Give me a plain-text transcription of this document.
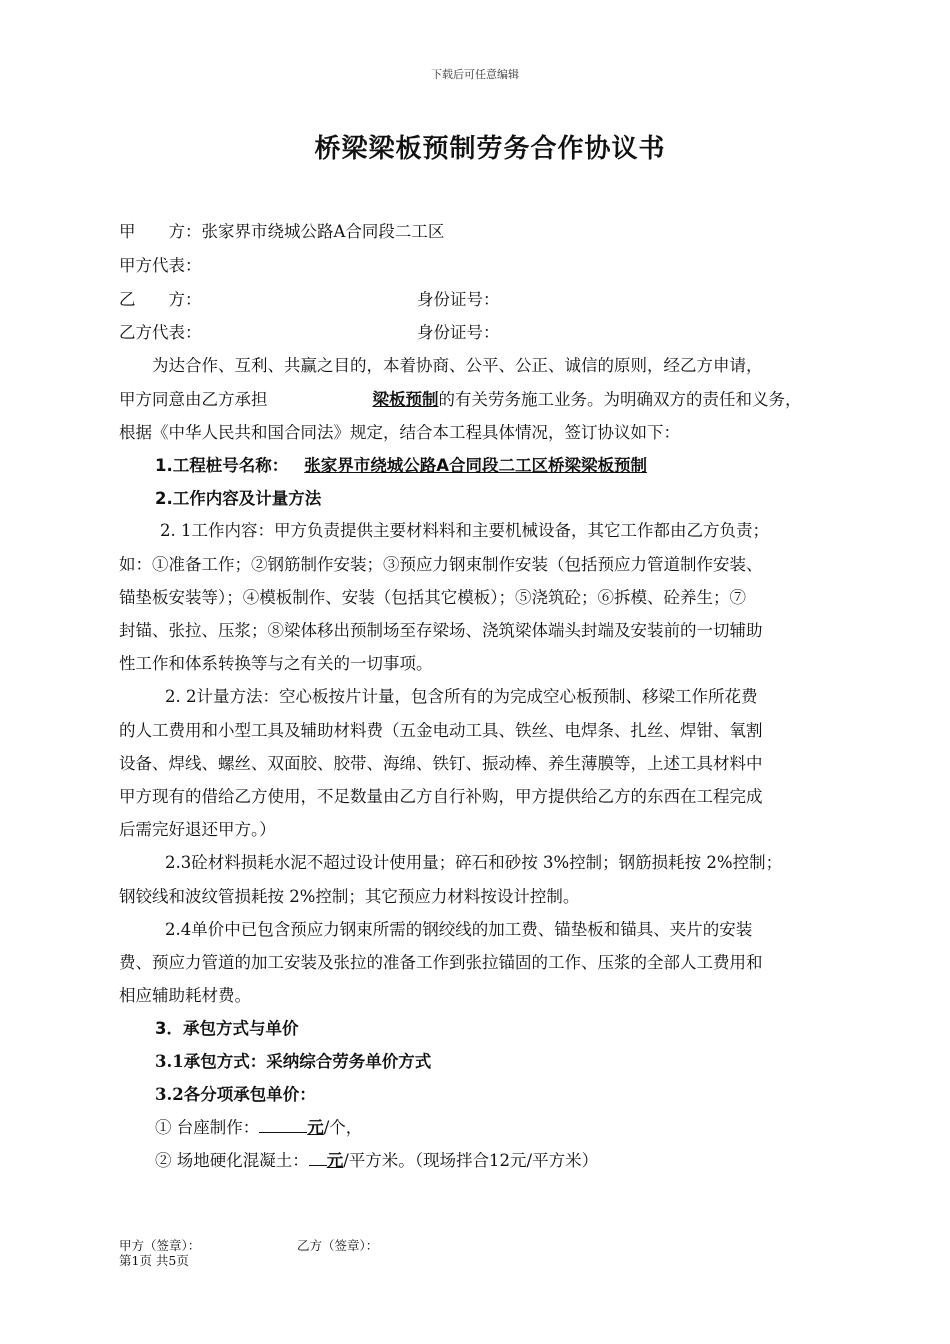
下载后可任意编辑
桥梁梁板预制劳务合作协议书
甲　　方：张家界市绕城公路A合同段二工区
甲方代表：
乙　　方：	身份证号：
乙方代表：	身份证号：
为达合作、互利、共赢之目的，本着协商、公平、公正、诚信的原则，经乙方申请，
甲方同意由乙方承担	梁板预制的有关劳务施工业务。为明确双方的责任和义务，
根据《中华人民共和国合同法》规定，结合本工程具体情况，签订协议如下：
1.工程桩号名称： 张家界市绕城公路A合同段二工区桥梁梁板预制
2.工作内容及计量方法
2. 1工作内容：甲方负责提供主要材料料和主要机械设备，其它工作都由乙方负责；
如：①准备工作；②钢筋制作安装；③预应力钢束制作安装（包括预应力管道制作安装、
锚垫板安装等）；④模板制作、安装（包括其它模板）；⑤浇筑砼；⑥拆模、砼养生；⑦
封锚、张拉、压浆；⑧梁体移出预制场至存梁场、浇筑梁体端头封端及安装前的一切辅助
性工作和体系转换等与之有关的一切事项。
2. 2计量方法：空心板按片计量，包含所有的为完成空心板预制、移梁工作所花费
的人工费用和小型工具及辅助材料费（五金电动工具、铁丝、电焊条、扎丝、焊钳、氧割
设备、焊线、螺丝、双面胶、胶带、海绵、铁钉、振动棒、养生薄膜等，上述工具材料中
甲方现有的借给乙方使用，不足数量由乙方自行补购，甲方提供给乙方的东西在工程完成
后需完好退还甲方。）
2.3砼材料损耗水泥不超过设计使用量；碎石和砂按 3%控制；钢筋损耗按 2%控制；
钢铰线和波纹管损耗按 2%控制；其它预应力材料按设计控制。
2.4单价中已包含预应力钢束所需的钢绞线的加工费、锚垫板和锚具、夹片的安装
费、预应力管道的加工安装及张拉的准备工作到张拉锚固的工作、压浆的全部人工费用和
相应辅助耗材费。
3．承包方式与单价
3.1承包方式：采纳综合劳务单价方式
3.2各分项承包单价：
① 台座制作：	元/个，
② 场地硬化混凝土： 元/平方米。（现场拌合12元/平方米）
甲方（签章）：	乙方（签章）：
第1页 共5页
